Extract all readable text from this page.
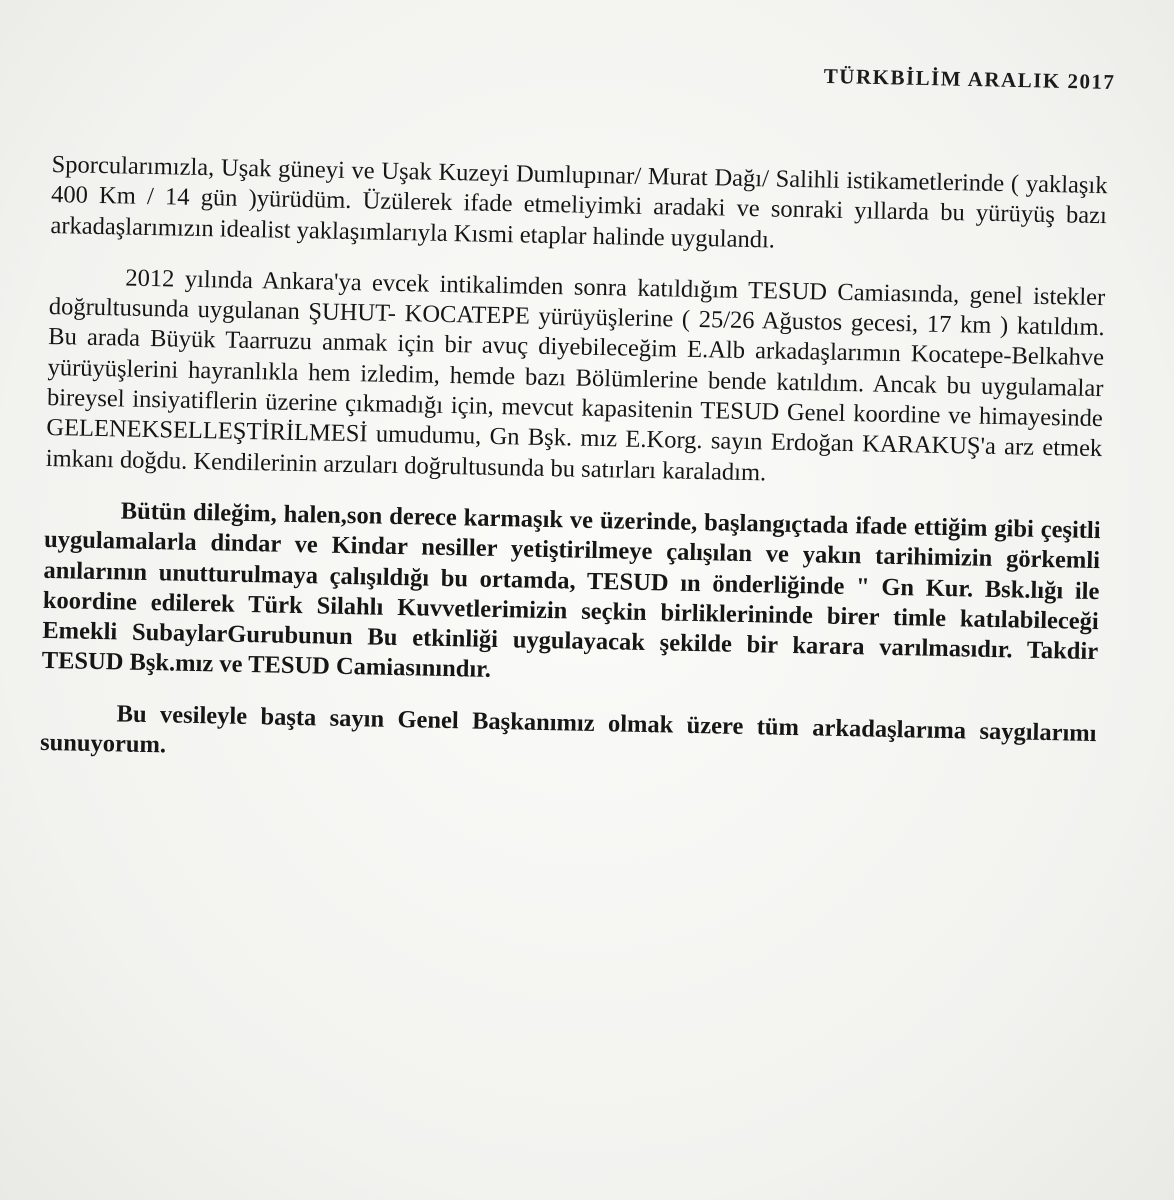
TÜRKBİLİM ARALIK 2017

Sporcularımızla, Uşak güneyi ve Uşak Kuzeyi Dumlupınar/ Murat Dağı/ Salihli istikametlerinde ( yaklaşık 400 Km / 14 gün )yürüdüm. Üzülerek ifade etmeliyimki aradaki ve sonraki yıllarda bu yürüyüş bazı arkadaşlarımızın idealist yaklaşımlarıyla Kısmi etaplar halinde uygulandı.

2012 yılında Ankara'ya evcek intikalimden sonra katıldığım TESUD Camiasında, genel istekler doğrultusunda uygulanan ŞUHUT- KOCATEPE yürüyüşlerine ( 25/26 Ağustos gecesi, 17 km ) katıldım. Bu arada Büyük Taarruzu anmak için bir avuç diyebileceğim E.Alb arkadaşlarımın Kocatepe-Belkahve yürüyüşlerini hayranlıkla hem izledim, hemde bazı Bölümlerine bende katıldım. Ancak bu uygulamalar bireysel insiyatiflerin üzerine çıkmadığı için, mevcut kapasitenin TESUD Genel koordine ve himayesinde GELENEKSELLEŞTİRİLMESİ umudumu, Gn Bşk. mız E.Korg. sayın Erdoğan KARAKUŞ'a arz etmek imkanı doğdu. Kendilerinin arzuları doğrultusunda bu satırları karaladım.

Bütün dileğim, halen,son derece karmaşık ve üzerinde, başlangıçtada ifade ettiğim gibi çeşitli uygulamalarla dindar ve Kindar nesiller yetiştirilmeye çalışılan ve yakın tarihimizin görkemli anılarının unutturulmaya çalışıldığı bu ortamda, TESUD ın önderliğinde " Gn Kur. Bsk.lığı ile koordine edilerek Türk Silahlı Kuvvetlerimizin seçkin birliklerininde birer timle katılabileceği Emekli SubaylarGurubunun Bu etkinliği uygulayacak şekilde bir karara varılmasıdır. Takdir TESUD Bşk.mız ve TESUD Camiasınındır.

Bu vesileyle başta sayın Genel Başkanımız olmak üzere tüm arkadaşlarıma saygılarımı sunuyorum.
